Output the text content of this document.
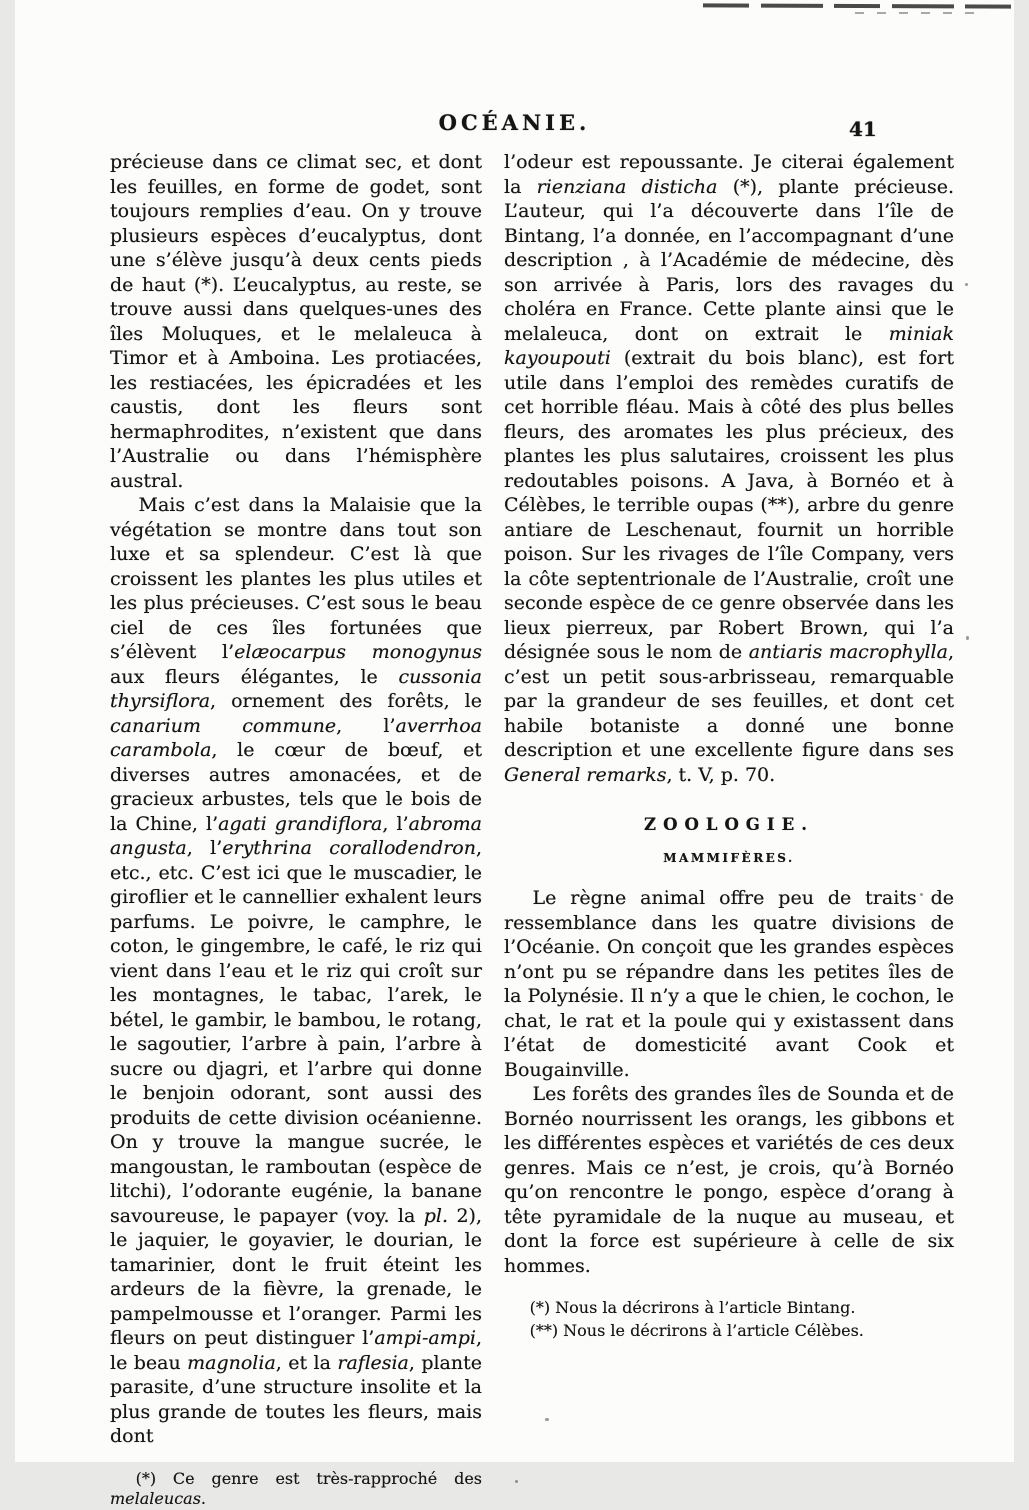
OCÉANIE.	41

précieuse dans ce climat sec, et dont les feuilles, en forme de godet, sont toujours remplies d’eau. On y trouve plusieurs espèces d’eucalyptus, dont une s’élève jusqu’à deux cents pieds de haut (*). L’eucalyptus, au reste, se trouve aussi dans quelques-unes des îles Moluques, et le melaleuca à Timor et à Amboina. Les protiacées, les restiacées, les épicradées et les caustis, dont les fleurs sont hermaphrodites, n’existent que dans l’Australie ou dans l’hémisphère austral.

Mais c’est dans la Malaisie que la végétation se montre dans tout son luxe et sa splendeur. C’est là que croissent les plantes les plus utiles et les plus précieuses. C’est sous le beau ciel de ces îles fortunées que s’élèvent l’elæocarpus monogynus aux fleurs élégantes, le cussonia thyrsiflora, ornement des forêts, le canarium commune, l’averrhoa carambola, le cœur de bœuf, et diverses autres amonacées, et de gracieux arbustes, tels que le bois de la Chine, l’agati grandiflora, l’abroma angusta, l’erythrina corallodendron, etc., etc. C’est ici que le muscadier, le giroflier et le cannellier exhalent leurs parfums. Le poivre, le camphre, le coton, le gingembre, le café, le riz qui vient dans l’eau et le riz qui croît sur les montagnes, le tabac, l’arek, le bétel, le gambir, le bambou, le rotang, le sagoutier, l’arbre à pain, l’arbre à sucre ou djagri, et l’arbre qui donne le benjoin odorant, sont aussi des produits de cette division océanienne. On y trouve la mangue sucrée, le mangoustan, le ramboutan (espèce de litchi), l’odorante eugénie, la banane savoureuse, le papayer (voy. la pl. 2), le jaquier, le goyavier, le dourian, le tamarinier, dont le fruit éteint les ardeurs de la fièvre, la grenade, le pampelmousse et l’oranger. Parmi les fleurs on peut distinguer l’ampi-ampi, le beau magnolia, et la raflesia, plante parasite, d’une structure insolite et la plus grande de toutes les fleurs, mais dont

(*) Ce genre est très-rapproché des melaleucas.

l’odeur est repoussante. Je citerai également la rienziana disticha (*), plante précieuse. L’auteur, qui l’a découverte dans l’île de Bintang, l’a donnée, en l’accompagnant d’une description , à l’Académie de médecine, dès son arrivée à Paris, lors des ravages du choléra en France. Cette plante ainsi que le melaleuca, dont on extrait le miniak kayoupouti (extrait du bois blanc), est fort utile dans l’emploi des remèdes curatifs de cet horrible fléau. Mais à côté des plus belles fleurs, des aromates les plus précieux, des plantes les plus salutaires, croissent les plus redoutables poisons. A Java, à Bornéo et à Célèbes, le terrible oupas (**), arbre du genre antiare de Leschenaut, fournit un horrible poison. Sur les rivages de l’île Company, vers la côte septentrionale de l’Australie, croît une seconde espèce de ce genre observée dans les lieux pierreux, par Robert Brown, qui l’a désignée sous le nom de antiaris macrophylla, c’est un petit sous-arbrisseau, remarquable par la grandeur de ses feuilles, et dont cet habile botaniste a donné une bonne description et une excellente figure dans ses General remarks, t. V, p. 70.

ZOOLOGIE.

MAMMIFÈRES.

Le règne animal offre peu de traits de ressemblance dans les quatre divisions de l’Océanie. On conçoit que les grandes espèces n’ont pu se répandre dans les petites îles de la Polynésie. Il n’y a que le chien, le cochon, le chat, le rat et la poule qui y existassent dans l’état de domesticité avant Cook et Bougainville.

Les forêts des grandes îles de Sounda et de Bornéo nourrissent les orangs, les gibbons et les différentes espèces et variétés de ces deux genres. Mais ce n’est, je crois, qu’à Bornéo qu’on rencontre le pongo, espèce d’orang à tête pyramidale de la nuque au museau, et dont la force est supérieure à celle de six hommes.

(*) Nous la décrirons à l’article Bintang.

(**) Nous le décrirons à l’article Célèbes.
